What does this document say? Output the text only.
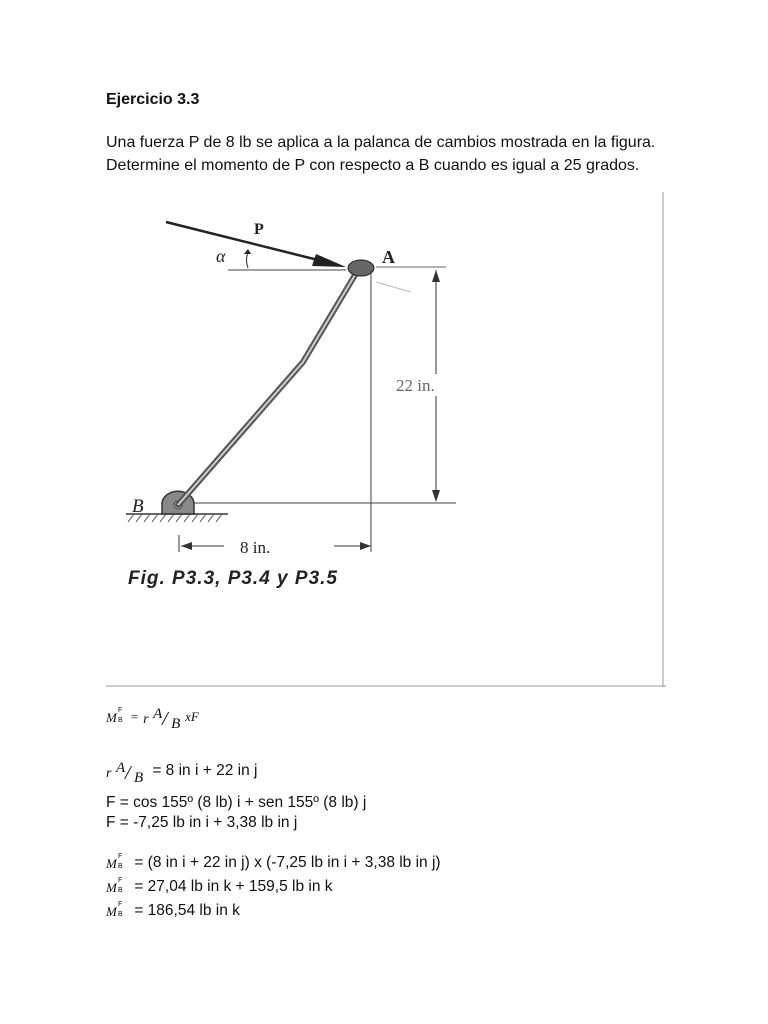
Ejercicio 3.3
Una fuerza P de 8 lb se aplica a la palanca de cambios mostrada en la figura. Determine el momento de P con respecto a B cuando es igual a 25 grados.
22 in.
8 in.
P
α	A
B
Fig. P3.3, P3.4 y P3.5
M F
B = r A / B xF
r A / B = 8 in i + 22 in j
F = cos 155º (8 lb) i + sen 155º (8 lb) j
F = -7,25 lb in i + 3,38 lb in j
M F
B = (8 in i + 22 in j) x (-7,25 lb in i + 3,38 lb in j)
M F
B = 27,04 lb in k + 159,5 lb in k
M F
B = 186,54 lb in k
